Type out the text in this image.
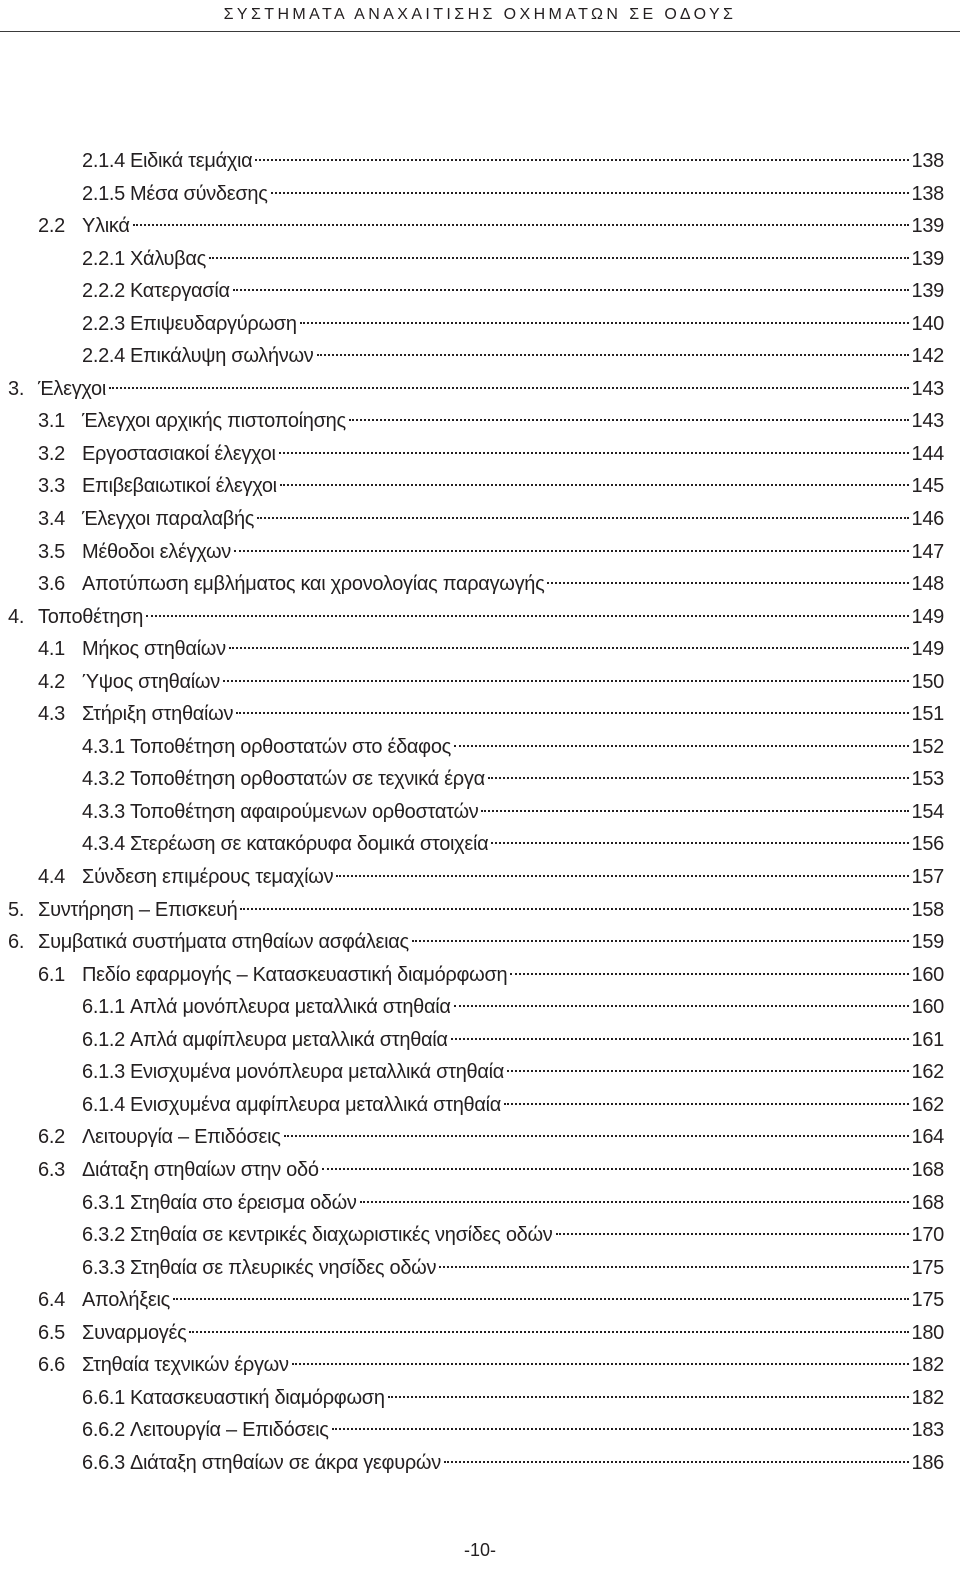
ΣΥΣΤΗΜΑΤΑ ΑΝΑΧΑΙΤΙΣΗΣ ΟΧΗΜΑΤΩΝ ΣΕ ΟΔΟΥΣ
2.1.4 Ειδικά τεμάχια	138
2.1.5 Μέσα σύνδεσης	138
2.2 Υλικά	139
2.2.1 Χάλυβας	139
2.2.2 Κατεργασία	139
2.2.3 Επιψευδαργύρωση	140
2.2.4 Επικάλυψη σωλήνων	142
3. Έλεγχοι	143
3.1 Έλεγχοι αρχικής πιστοποίησης	143
3.2 Εργοστασιακοί έλεγχοι	144
3.3 Επιβεβαιωτικοί έλεγχοι	145
3.4 Έλεγχοι παραλαβής	146
3.5 Μέθοδοι ελέγχων	147
3.6 Αποτύπωση εμβλήματος και χρονολογίας παραγωγής	148
4. Τοποθέτηση	149
4.1 Μήκος στηθαίων	149
4.2 Ύψος στηθαίων	150
4.3 Στήριξη στηθαίων	151
4.3.1 Τοποθέτηση ορθοστατών στο έδαφος	152
4.3.2 Τοποθέτηση ορθοστατών σε τεχνικά έργα	153
4.3.3 Τοποθέτηση αφαιρούμενων ορθοστατών	154
4.3.4 Στερέωση σε κατακόρυφα δομικά στοιχεία	156
4.4 Σύνδεση επιμέρους τεμαχίων	157
5. Συντήρηση – Επισκευή	158
6. Συμβατικά συστήματα στηθαίων ασφάλειας	159
6.1 Πεδίο εφαρμογής – Κατασκευαστική διαμόρφωση	160
6.1.1 Απλά μονόπλευρα μεταλλικά στηθαία	160
6.1.2 Απλά αμφίπλευρα μεταλλικά στηθαία	161
6.1.3 Ενισχυμένα μονόπλευρα μεταλλικά στηθαία	162
6.1.4 Ενισχυμένα αμφίπλευρα μεταλλικά στηθαία	162
6.2 Λειτουργία – Επιδόσεις	164
6.3 Διάταξη στηθαίων στην οδό	168
6.3.1 Στηθαία στο έρεισμα οδών	168
6.3.2 Στηθαία σε κεντρικές διαχωριστικές νησίδες οδών	170
6.3.3 Στηθαία σε πλευρικές νησίδες οδών	175
6.4 Απολήξεις	175
6.5 Συναρμογές	180
6.6 Στηθαία τεχνικών έργων	182
6.6.1 Κατασκευαστική διαμόρφωση	182
6.6.2 Λειτουργία – Επιδόσεις	183
6.6.3 Διάταξη στηθαίων σε άκρα γεφυρών	186
-10-
